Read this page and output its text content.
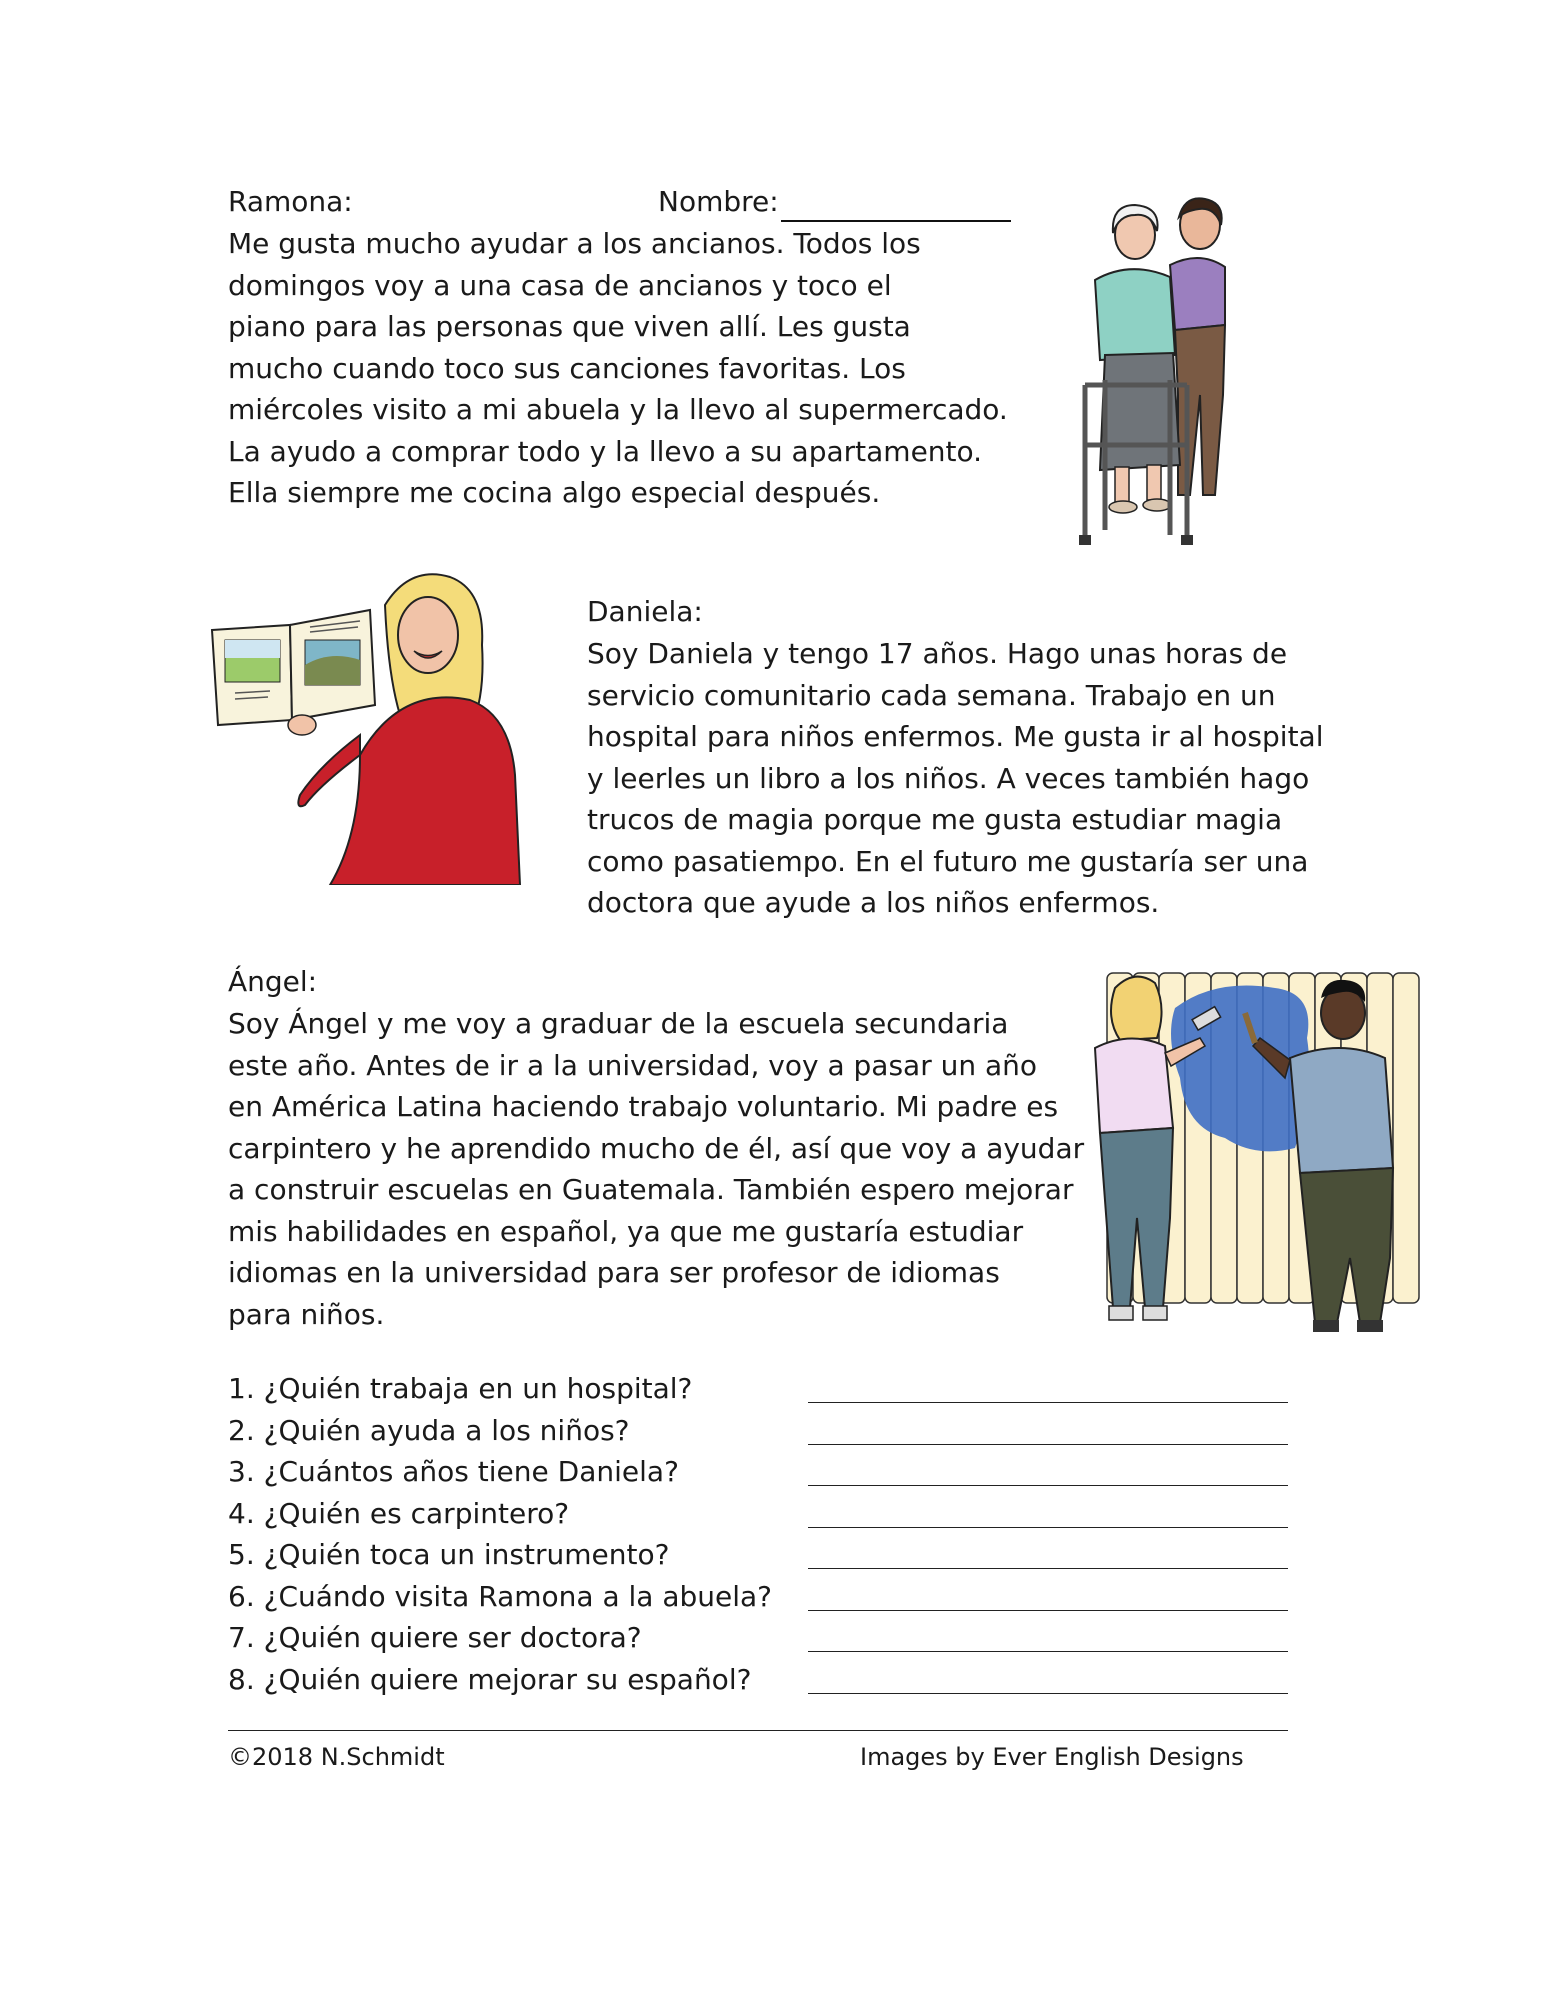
Ramona:	Nombre:

Me gusta mucho ayudar a los ancianos. Todos los

domingos voy a una casa de ancianos y toco el

piano para las personas que viven allí. Les gusta

mucho cuando toco sus canciones favoritas. Los

miércoles visito a mi abuela y la llevo al supermercado.

La ayudo a comprar todo y la llevo a su apartamento.

Ella siempre me cocina algo especial después.

Daniela:

Soy Daniela y tengo 17 años. Hago unas horas de

servicio comunitario cada semana. Trabajo en un

hospital para niños enfermos. Me gusta ir al hospital

y leerles un libro a los niños. A veces también hago

trucos de magia porque me gusta estudiar magia

como pasatiempo. En el futuro me gustaría ser una

doctora que ayude a los niños enfermos.

Ángel:

Soy Ángel y me voy a graduar de la escuela secundaria

este año. Antes de ir a la universidad, voy a pasar un año

en América Latina haciendo trabajo voluntario. Mi padre es

carpintero y he aprendido mucho de él, así que voy a ayudar

a construir escuelas en Guatemala. También espero mejorar

mis habilidades en español, ya que me gustaría estudiar

idiomas en la universidad para ser profesor de idiomas

para niños.

1. ¿Quién trabaja en un hospital?
2. ¿Quién ayuda a los niños?
3. ¿Cuántos años tiene Daniela?
4. ¿Quién es carpintero?
5. ¿Quién toca un instrumento?
6. ¿Cuándo visita Ramona a la abuela?
7. ¿Quién quiere ser doctora?
8. ¿Quién quiere mejorar su español?
©2018 N.Schmidt	Images by Ever English Designs
